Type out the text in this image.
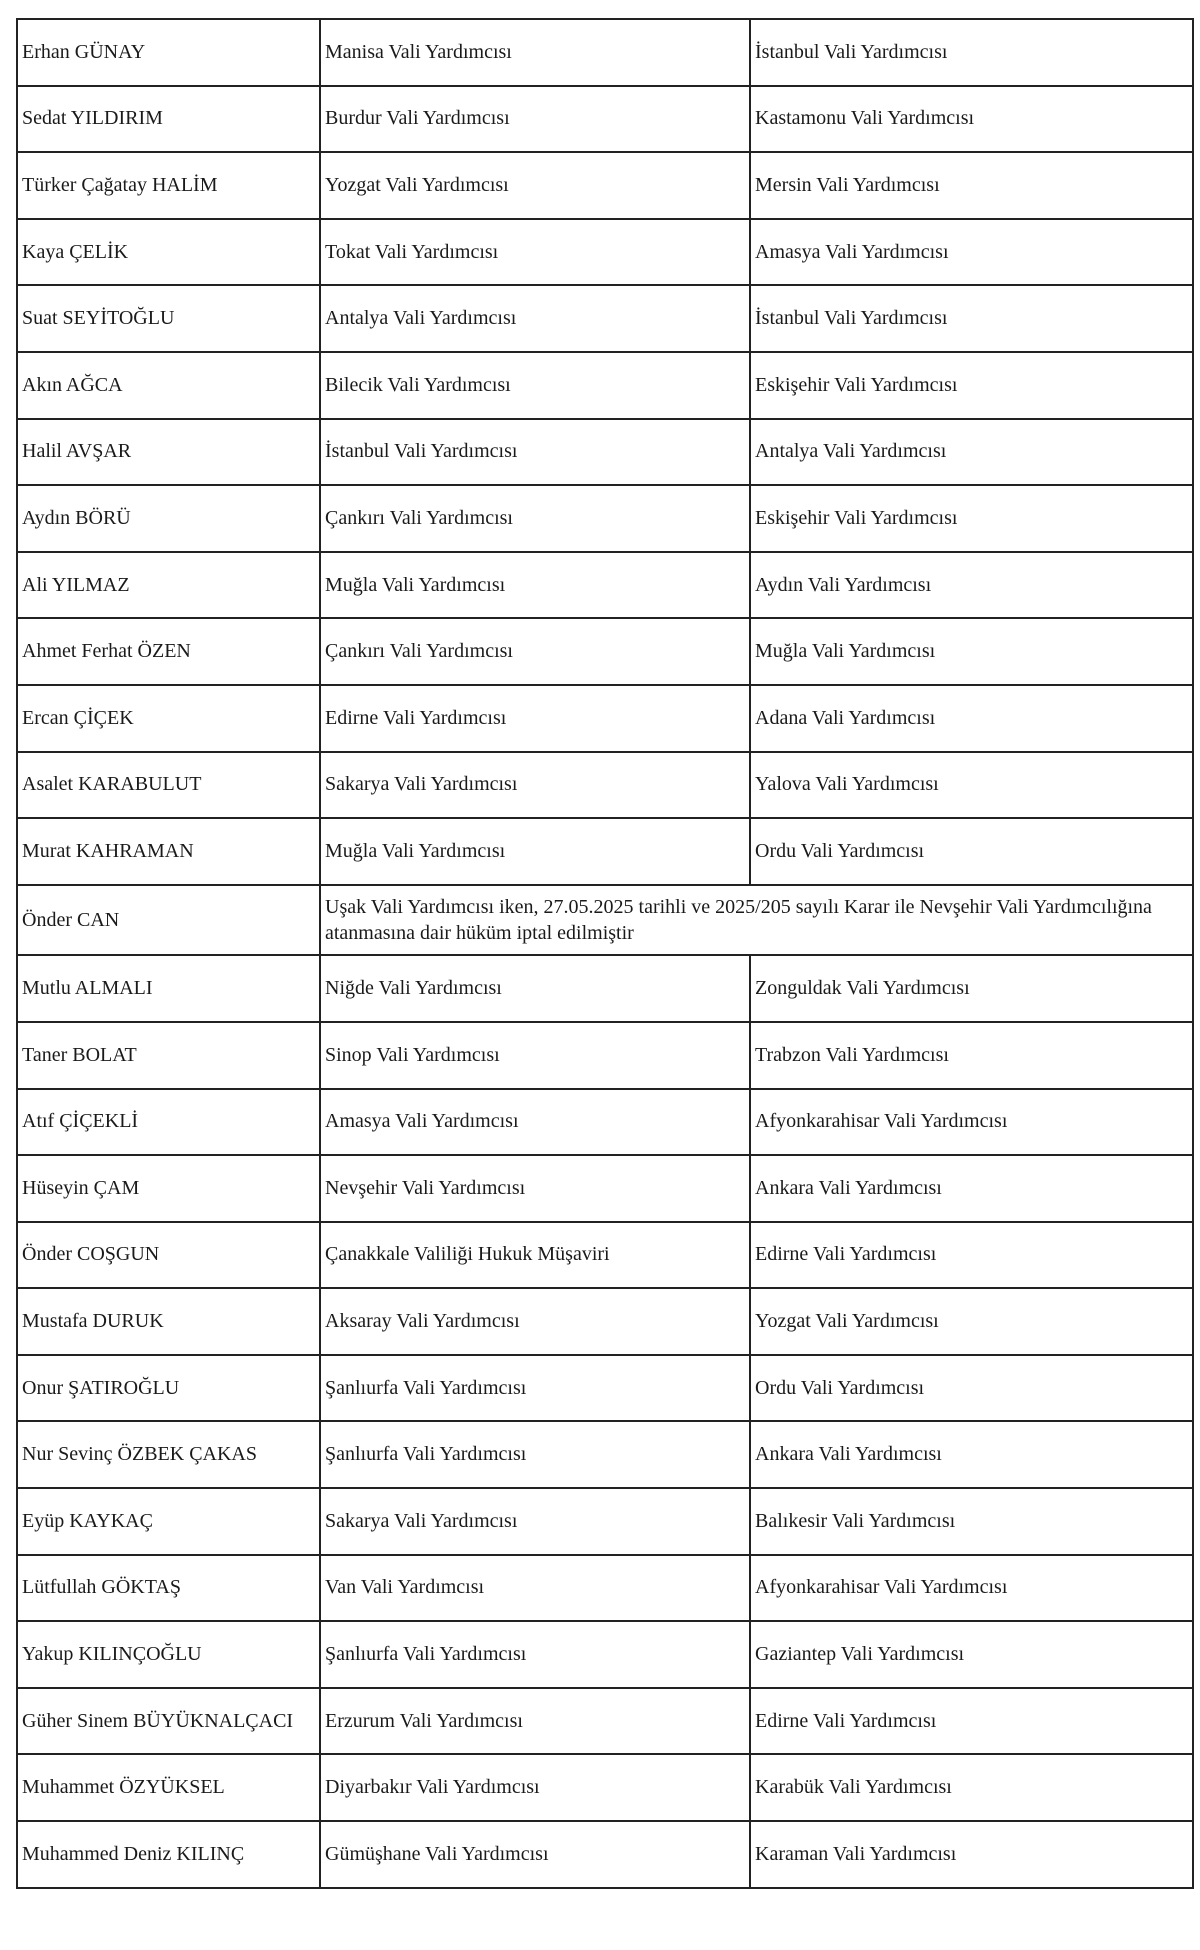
Erhan GÜNAY	Manisa Vali Yardımcısı	İstanbul Vali Yardımcısı
Sedat YILDIRIM	Burdur Vali Yardımcısı	Kastamonu Vali Yardımcısı
Türker Çağatay HALİM	Yozgat Vali Yardımcısı	Mersin Vali Yardımcısı
Kaya ÇELİK	Tokat Vali Yardımcısı	Amasya Vali Yardımcısı
Suat SEYİTOĞLU	Antalya Vali Yardımcısı	İstanbul Vali Yardımcısı
Akın AĞCA	Bilecik Vali Yardımcısı	Eskişehir Vali Yardımcısı
Halil AVŞAR	İstanbul Vali Yardımcısı	Antalya Vali Yardımcısı
Aydın BÖRÜ	Çankırı Vali Yardımcısı	Eskişehir Vali Yardımcısı
Ali YILMAZ	Muğla Vali Yardımcısı	Aydın Vali Yardımcısı
Ahmet Ferhat ÖZEN	Çankırı Vali Yardımcısı	Muğla Vali Yardımcısı
Ercan ÇİÇEK	Edirne Vali Yardımcısı	Adana Vali Yardımcısı
Asalet KARABULUT	Sakarya Vali Yardımcısı	Yalova Vali Yardımcısı
Murat KAHRAMAN	Muğla Vali Yardımcısı	Ordu Vali Yardımcısı
Önder CAN	Uşak Vali Yardımcısı iken, 27.05.2025 tarihli ve 2025/205 sayılı Karar ile Nevşehir Vali Yardımcılığına atanmasına dair hüküm iptal edilmiştir	
Mutlu ALMALI	Niğde Vali Yardımcısı	Zonguldak Vali Yardımcısı
Taner BOLAT	Sinop Vali Yardımcısı	Trabzon Vali Yardımcısı
Atıf ÇİÇEKLİ	Amasya Vali Yardımcısı	Afyonkarahisar Vali Yardımcısı
Hüseyin ÇAM	Nevşehir Vali Yardımcısı	Ankara Vali Yardımcısı
Önder COŞGUN	Çanakkale Valiliği Hukuk Müşaviri	Edirne Vali Yardımcısı
Mustafa DURUK	Aksaray Vali Yardımcısı	Yozgat Vali Yardımcısı
Onur ŞATIROĞLU	Şanlıurfa Vali Yardımcısı	Ordu Vali Yardımcısı
Nur Sevinç ÖZBEK ÇAKAS	Şanlıurfa Vali Yardımcısı	Ankara Vali Yardımcısı
Eyüp KAYKAÇ	Sakarya Vali Yardımcısı	Balıkesir Vali Yardımcısı
Lütfullah GÖKTAŞ	Van Vali Yardımcısı	Afyonkarahisar Vali Yardımcısı
Yakup KILINÇOĞLU	Şanlıurfa Vali Yardımcısı	Gaziantep Vali Yardımcısı
Güher Sinem BÜYÜKNALÇACI	Erzurum Vali Yardımcısı	Edirne Vali Yardımcısı
Muhammet ÖZYÜKSEL	Diyarbakır Vali Yardımcısı	Karabük Vali Yardımcısı
Muhammed Deniz KILINÇ	Gümüşhane Vali Yardımcısı	Karaman Vali Yardımcısı
